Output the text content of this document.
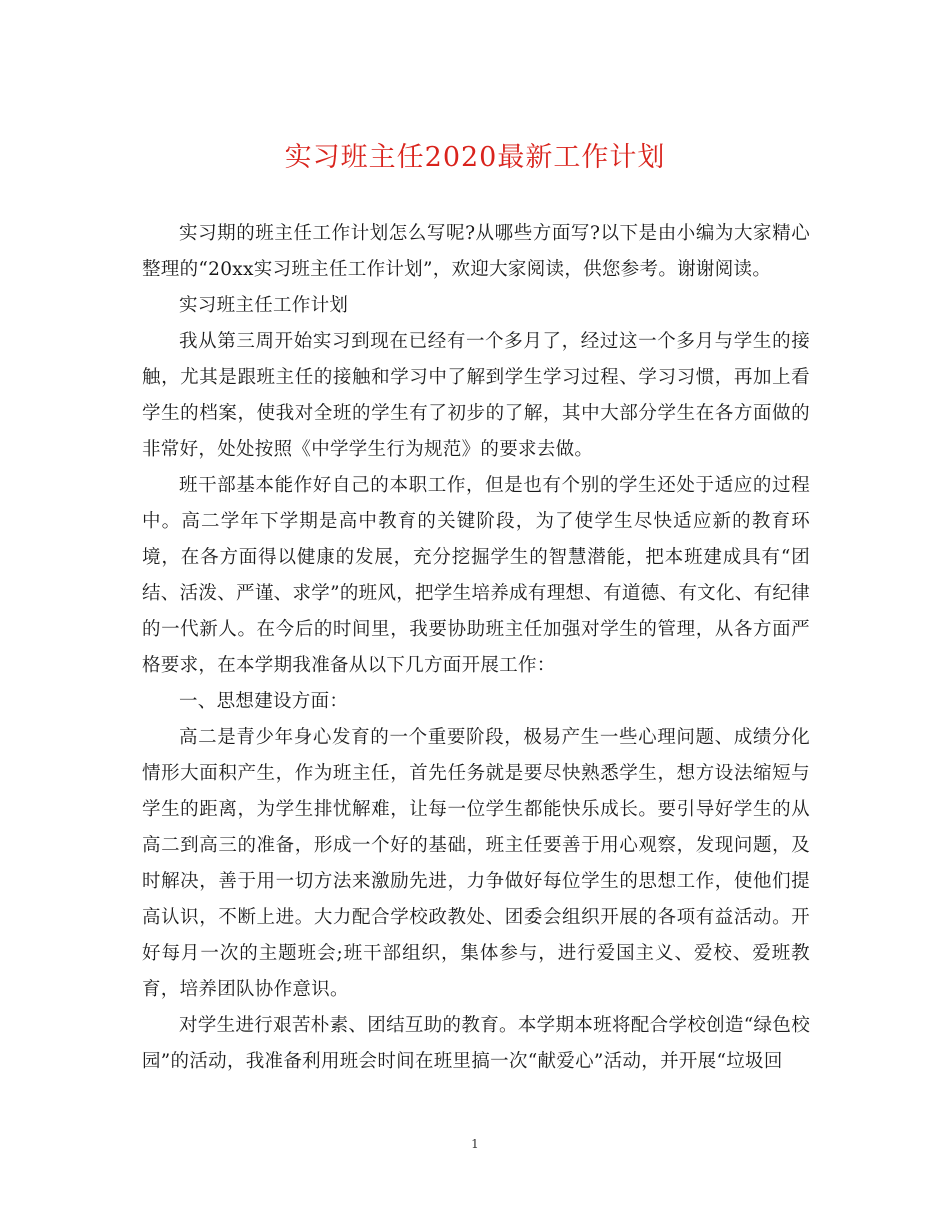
实习班主任2020最新工作计划

实习期的班主任工作计划怎么写呢?从哪些方面写?以下是由小编为大家精心整理的“20xx实习班主任工作计划”，欢迎大家阅读，供您参考。谢谢阅读。

实习班主任工作计划

我从第三周开始实习到现在已经有一个多月了，经过这一个多月与学生的接触，尤其是跟班主任的接触和学习中了解到学生学习过程、学习习惯，再加上看学生的档案，使我对全班的学生有了初步的了解，其中大部分学生在各方面做的非常好，处处按照《中学学生行为规范》的要求去做。

班干部基本能作好自己的本职工作，但是也有个别的学生还处于适应的过程中。高二学年下学期是高中教育的关键阶段，为了使学生尽快适应新的教育环境，在各方面得以健康的发展，充分挖掘学生的智慧潜能，把本班建成具有“团结、活泼、严谨、求学”的班风，把学生培养成有理想、有道德、有文化、有纪律的一代新人。在今后的时间里，我要协助班主任加强对学生的管理，从各方面严格要求，在本学期我准备从以下几方面开展工作：

一、思想建设方面：

高二是青少年身心发育的一个重要阶段，极易产生一些心理问题、成绩分化情形大面积产生，作为班主任，首先任务就是要尽快熟悉学生，想方设法缩短与学生的距离，为学生排忧解难，让每一位学生都能快乐成长。要引导好学生的从高二到高三的准备，形成一个好的基础，班主任要善于用心观察，发现问题，及时解决，善于用一切方法来激励先进，力争做好每位学生的思想工作，使他们提高认识，不断上进。大力配合学校政教处、团委会组织开展的各项有益活动。开好每月一次的主题班会;班干部组织，集体参与，进行爱国主义、爱校、爱班教育，培养团队协作意识。

对学生进行艰苦朴素、团结互助的教育。本学期本班将配合学校创造“绿色校园”的活动，我准备利用班会时间在班里搞一次“献爱心”活动，并开展“垃圾回

1
